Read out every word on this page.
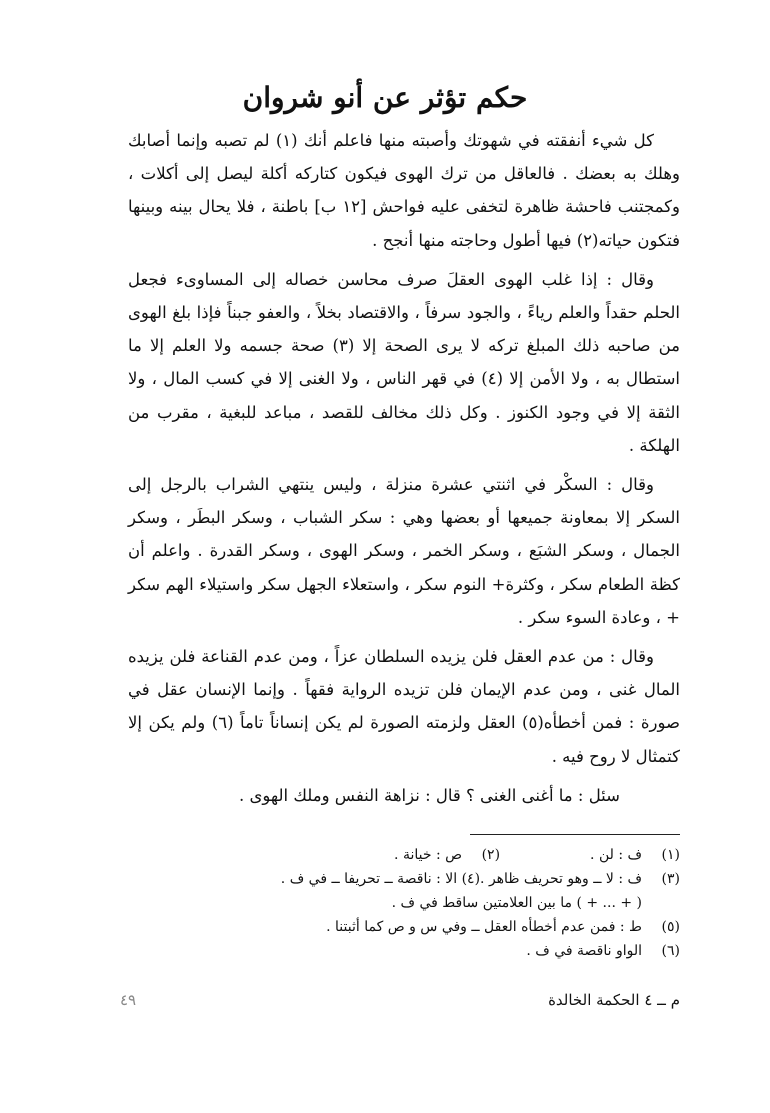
حكم تؤثر عن أنو شروان

كل شيء أنفقته في شهوتك وأصبته منها فاعلم أنك (١) لم تصبه وإنما أصابك وهلك به بعضك . فالعاقل من ترك الهوى فيكون كتاركه أكلة ليصل إلى أكلات ، وكمجتنب فاحشة ظاهرة لتخفى عليه فواحش [١٢ ب] باطنة ، فلا يحال بينه وبينها فتكون حياته(٢) فيها أطول وحاجته منها أنجح .

وقال : إذا غلب الهوى العقلَ صرف محاسن خصاله إلى المساوىء فجعل الحلم حقداً والعلم رياءً ، والجود سرفاً ، والاقتصاد بخلاً ، والعفو جبناً فإذا بلغ الهوى من صاحبه ذلك المبلغ تركه لا يرى الصحة إلا (٣) صحة جسمه ولا العلم إلا ما استطال به ، ولا الأمن إلا (٤) في قهر الناس ، ولا الغنى إلا في كسب المال ، ولا الثقة إلا في وجود الكنوز . وكل ذلك مخالف للقصد ، مباعد للبغية ، مقرب من الهلكة .

وقال : السكْر في اثنتي عشرة منزلة ، وليس ينتهي الشراب بالرجل إلى السكر إلا بمعاونة جميعها أو بعضها وهي : سكر الشباب ، وسكر البطَر ، وسكر الجمال ، وسكر الشبَع ، وسكر الخمر ، وسكر الهوى ، وسكر القدرة . واعلم أن كظة الطعام سكر ، وكثرة+ النوم سكر ، واستعلاء الجهل سكر واستيلاء الهم سكر + ، وعادة السوء سكر .

وقال : من عدم العقل فلن يزيده السلطان عزاً ، ومن عدم القناعة فلن يزيده المال غنى ، ومن عدم الإيمان فلن تزيده الرواية فقهاً . وإنما الإنسان عقل في صورة : فمن أخطأه(٥) العقل ولزمته الصورة لم يكن إنساناً تاماً (٦) ولم يكن إلا كتمثال لا روح فيه .

سئل : ما أغنى الغنى ؟ قال : نزاهة النفس وملك الهوى .

(١)
ف : لن .
(٢)
ص : خيانة .
(٣)
ف : لا ــ وهو تحريف ظاهر .(٤) الا : ناقصة ــ تحريفا ــ في ف .
( + ... + ) ما بين العلامتين ساقط في ف .
(٥)
ط : فمن عدم أخطأه العقل ــ وفي س و ص كما أثبتنا .
(٦)
الواو ناقصة في ف .
م ــ ٤ الحكمة الخالدة
٤٩
